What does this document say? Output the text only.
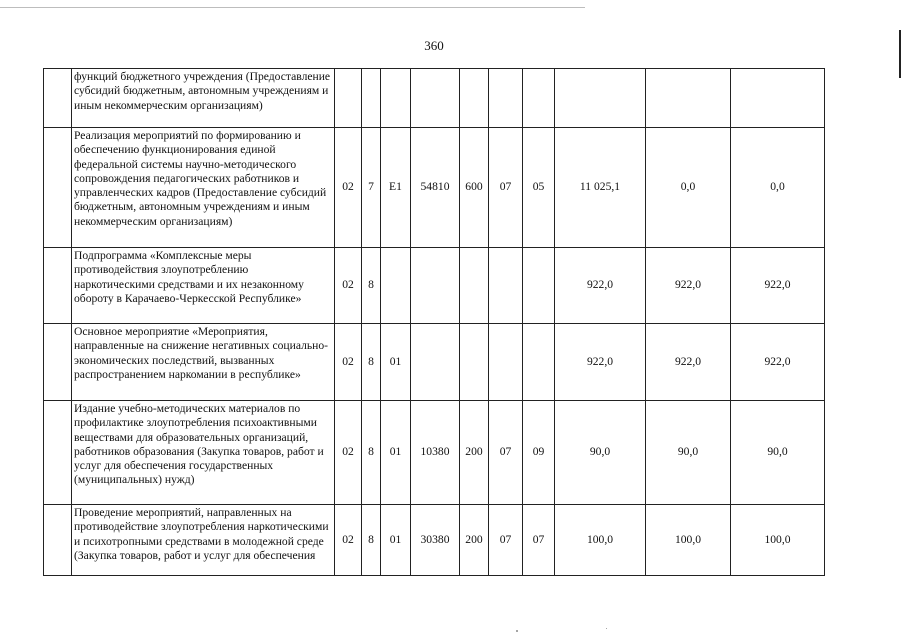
360
	функций бюджетного учреждения (Предоставление субсидий бюджетным, автономным учреждениям и иным некоммерческим организациям)										
	Реализация мероприятий по формированию и обеспечению функционирования единой федеральной системы научно-методического сопровождения педагогических работников и управленческих кадров (Предоставление субсидий бюджетным, автономным учреждениям и иным некоммерческим организациям)	02	7	E1	54810	600	07	05	11 025,1	0,0	0,0
	Подпрограмма «Комплексные меры противодействия злоупотреблению наркотическими средствами и их незаконному обороту в Карачаево-Черкесской Республике»	02	8						922,0	922,0	922,0
	Основное мероприятие «Мероприятия, направленные на снижение негативных социально-экономических последствий, вызванных распространением наркомании в республике»	02	8	01					922,0	922,0	922,0
	Издание учебно-методических материалов по профилактике злоупотребления психоактивными веществами для образовательных организаций, работников образования (Закупка товаров, работ и услуг для обеспечения государственных (муниципальных) нужд)	02	8	01	10380	200	07	09	90,0	90,0	90,0
	Проведение мероприятий, направленных на противодействие злоупотребления наркотическими и психотропными средствами в молодежной среде (Закупка товаров, работ и услуг для обеспечения	02	8	01	30380	200	07	07	100,0	100,0	100,0
